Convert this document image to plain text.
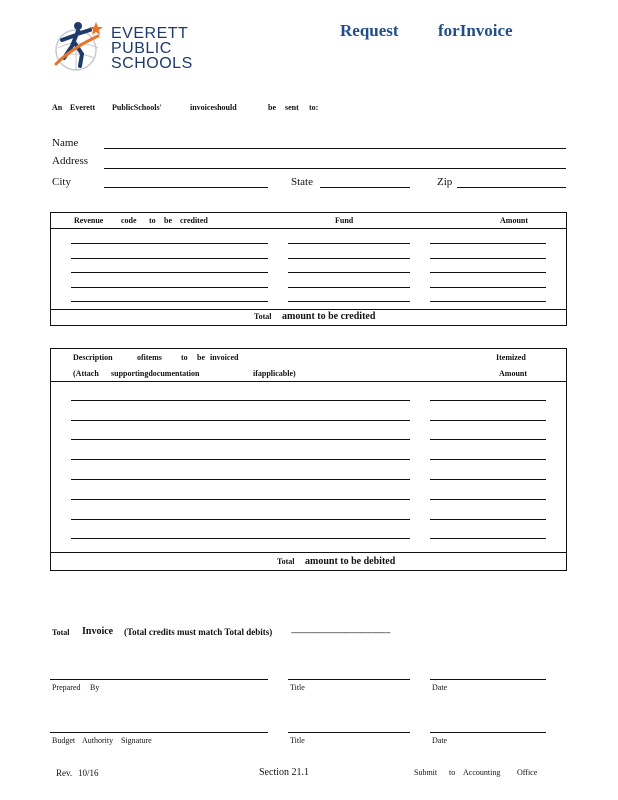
EVERETT
PUBLIC
SCHOOLS
Request forInvoice
An Everett PublicSchools'	invoiceshould	be sent to:
Name
Address
City	State	Zip
Revenue code to be credited	Fund	Amount
Total amount to be credited
Description	ofitems to be invoiced
(Attach supportingdocumentation	ifapplicable)
Itemized
Amount
Total amount to be debited
Total Invoice (Total credits must match Total debits) ------------------------------------------------
Prepared By	Title	Date
Budget Authority Signature	Title	Date
Rev. 10/16	Section 21.1	Submit to Accounting Office
